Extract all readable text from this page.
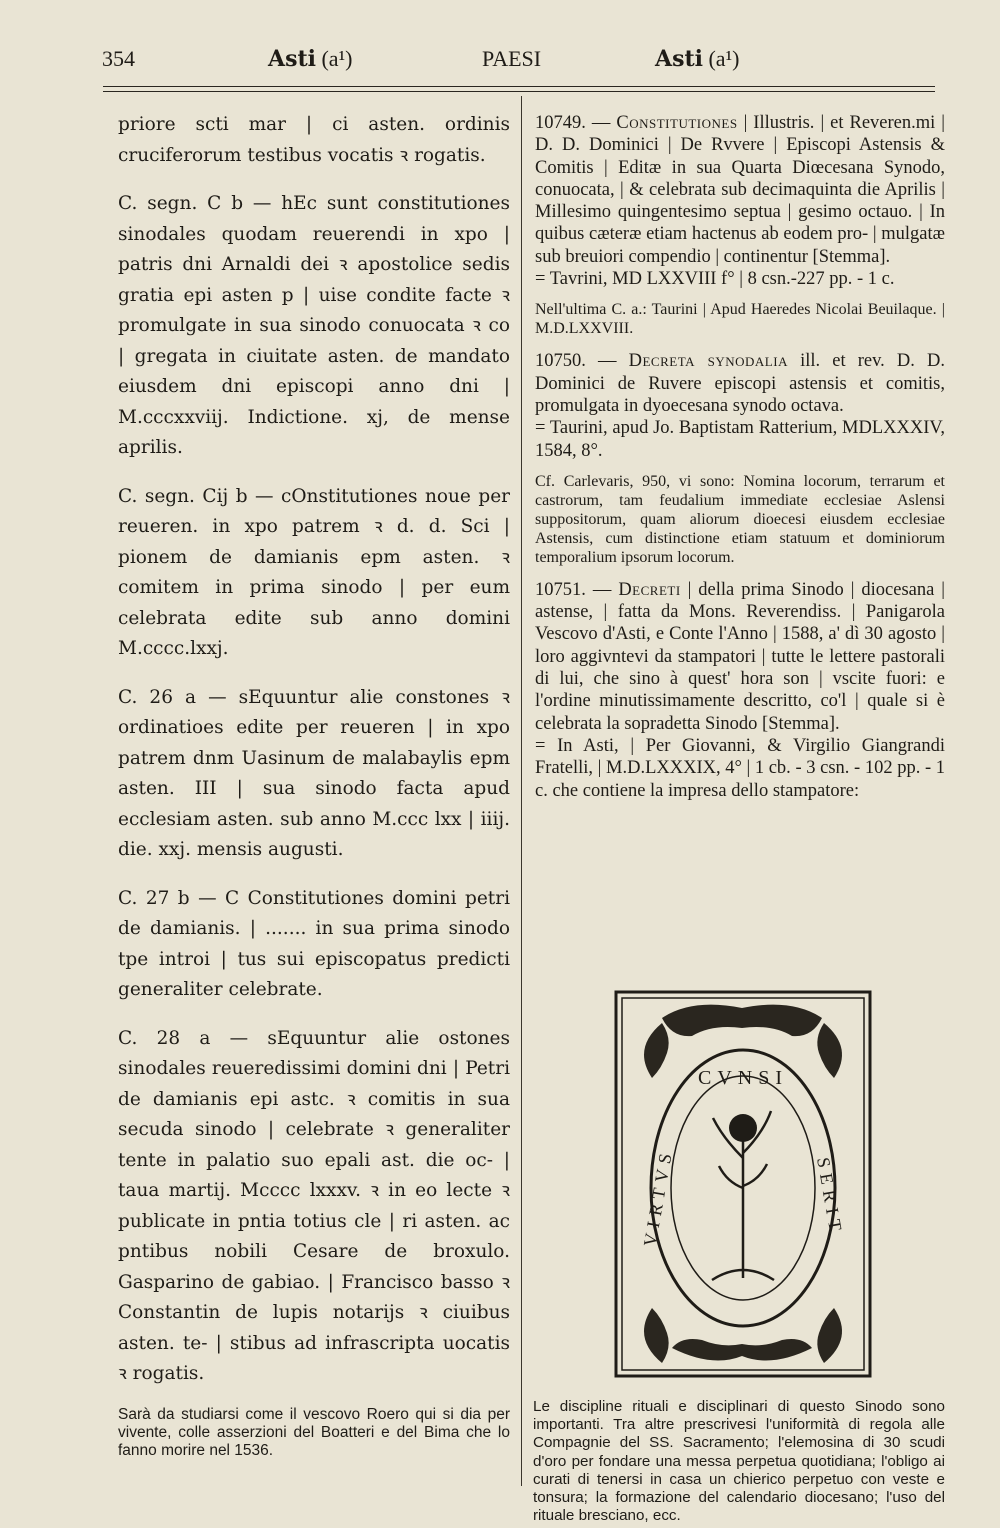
354	Asti (a¹)	PAESI	Asti (a¹)

priore scti mar | ci asten. ordinis cruciferorum testibus vocatis ꝛ rogatis.

C. segn. C b — hEc sunt constitutiones sinodales quodam reuerendi in xpo | patris dni Arnaldi dei ꝛ apostolice sedis gratia epi asten p | uise condite facte ꝛ promulgate in sua sinodo conuocata ꝛ co | gregata in ciuitate asten. de mandato eiusdem dni episcopi anno dni | M.cccxxviij. Indictione. xj, de mense aprilis.

C. segn. Cij b — cOnstitutiones noue per reueren. in xpo patrem ꝛ d. d. Sci | pionem de damianis epm asten. ꝛ comitem in prima sinodo | per eum celebrata edite sub anno domini M.cccc.lxxj.

C. 26 a — sEquuntur alie constones ꝛ ordinatioes edite per reueren | in xpo patrem dnm Uasinum de malabaylis epm asten. III | sua sinodo facta apud ecclesiam asten. sub anno M.ccc lxx | iiij. die. xxj. mensis augusti.

C. 27 b — C Constitutiones domini petri de damianis. | ....... in sua prima sinodo tpe introi | tus sui episcopatus predicti generaliter celebrate.

C. 28 a — sEquuntur alie ostones sinodales reueredissimi domini dni | Petri de damianis epi astc. ꝛ comitis in sua secuda sinodo | celebrate ꝛ generaliter tente in palatio suo epali ast. die oc- | taua martij. Mcccc lxxxv. ꝛ in eo lecte ꝛ publicate in pntia totius cle | ri asten. ac pntibus nobili Cesare de broxulo. Gasparino de gabiao. | Francisco basso ꝛ Constantin de lupis notarijs ꝛ ciuibus asten. te- | stibus ad infrascripta uocatis ꝛ rogatis.

Sarà da studiarsi come il vescovo Roero qui si dia per vivente, colle asserzioni del Boatteri e del Bima che lo fanno morire nel 1536.

10749. — Constitutiones | Illustris. | et Reveren.mi | D. D. Dominici | De Rvvere | Episcopi Astensis & Comitis | Editæ in sua Quarta Diœcesana Synodo, conuocata, | & celebrata sub decimaquinta die Aprilis | Millesimo quingentesimo septua | gesimo octauo. | In quibus cæteræ etiam hactenus ab eodem pro- | mulgatæ sub breuiori compendio | continentur [Stemma].
= Tavrini, MD LXXVIII f° | 8 csn.-227 pp. - 1 c.

Nell'ultima C. a.: Taurini | Apud Haeredes Nicolai Beuilaque. | M.D.LXXVIII.

10750. — Decreta synodalia ill. et rev. D. D. Dominici de Ruvere episcopi astensis et comitis, promulgata in dyoecesana synodo octava.
= Taurini, apud Jo. Baptistam Ratterium, MDLXXXIV, 1584, 8°.

Cf. Carlevaris, 950, vi sono: Nomina locorum, terrarum et castrorum, tam feudalium immediate ecclesiae Aslensi suppositorum, quam aliorum dioecesi eiusdem ecclesiae Astensis, cum distinctione etiam statuum et dominiorum temporalium ipsorum locorum.

10751. — Decreti | della prima Sinodo | diocesana | astense, | fatta da Mons. Reverendiss. | Panigarola Vescovo d'Asti, e Conte l'Anno | 1588, a' dì 30 agosto | loro aggivntevi da stampatori | tutte le lettere pastorali di lui, che sino à quest' hora son | vscite fuori: e l'ordine minutissimamente descritto, co'l | quale si è celebrata la sopradetta Sinodo [Stemma].
= In Asti, | Per Giovanni, & Virgilio Giangrandi Fratelli, | M.D.LXXXIX, 4° | 1 cb. - 3 csn. - 102 pp. - 1 c. che contiene la impresa dello stampatore:

CVNSI
SERIT
VIRTVS
Le discipline rituali e disciplinari di questo Sinodo sono importanti. Tra altre prescrivesi l'uniformità di regola alle Compagnie del SS. Sacramento; l'elemosina di 30 scudi d'oro per fondare una messa perpetua quotidiana; l'obligo ai curati di tenersi in casa un chierico perpetuo con veste e tonsura; la formazione del calendario diocesano; l'uso del rituale bresciano, ecc.
